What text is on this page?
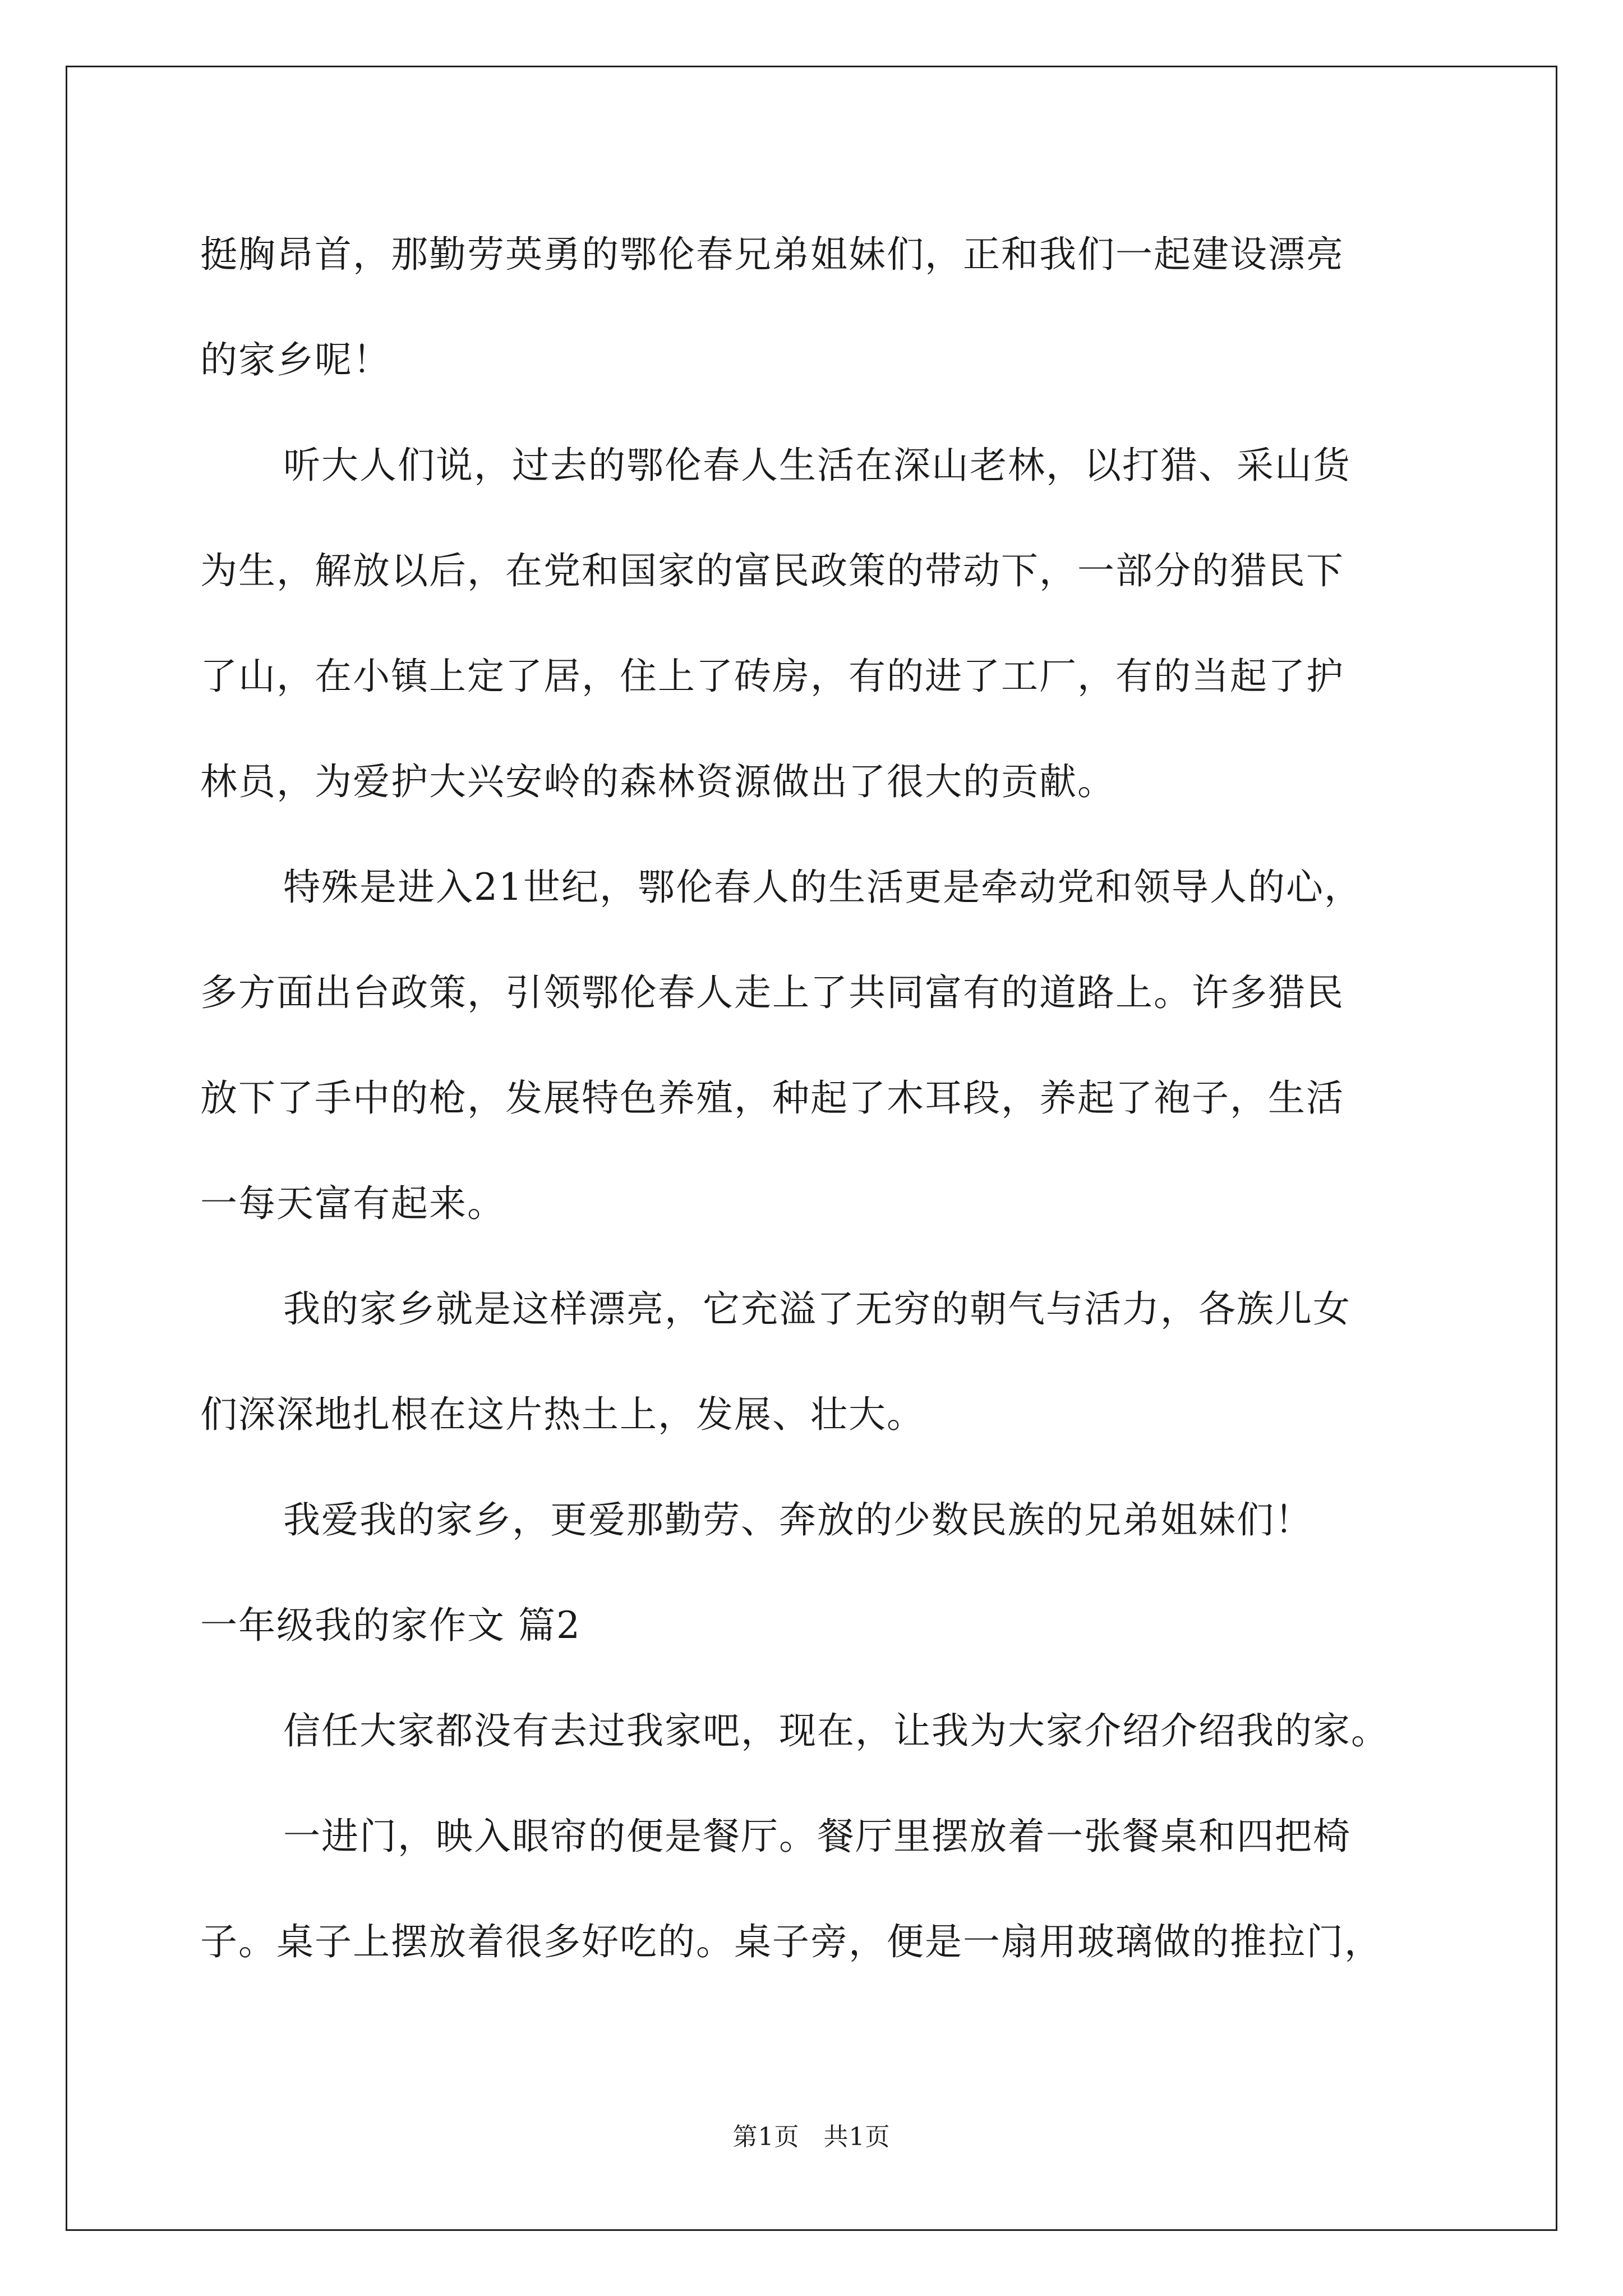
挺胸昂首，那勤劳英勇的鄂伦春兄弟姐妹们，正和我们一起建设漂亮
的家乡呢！
听大人们说，过去的鄂伦春人生活在深山老林，以打猎、采山货
为生，解放以后，在党和国家的富民政策的带动下，一部分的猎民下
了山，在小镇上定了居，住上了砖房，有的进了工厂，有的当起了护
林员，为爱护大兴安岭的森林资源做出了很大的贡献。
特殊是进入21世纪，鄂伦春人的生活更是牵动党和领导人的心，
多方面出台政策，引领鄂伦春人走上了共同富有的道路上。许多猎民
放下了手中的枪，发展特色养殖，种起了木耳段，养起了袍子，生活
一每天富有起来。
我的家乡就是这样漂亮，它充溢了无穷的朝气与活力，各族儿女
们深深地扎根在这片热土上，发展、壮大。
我爱我的家乡，更爱那勤劳、奔放的少数民族的兄弟姐妹们！
一年级我的家作文 篇2
信任大家都没有去过我家吧，现在，让我为大家介绍介绍我的家。
一进门，映入眼帘的便是餐厅。餐厅里摆放着一张餐桌和四把椅
子。桌子上摆放着很多好吃的。桌子旁，便是一扇用玻璃做的推拉门，
第1页 共1页
